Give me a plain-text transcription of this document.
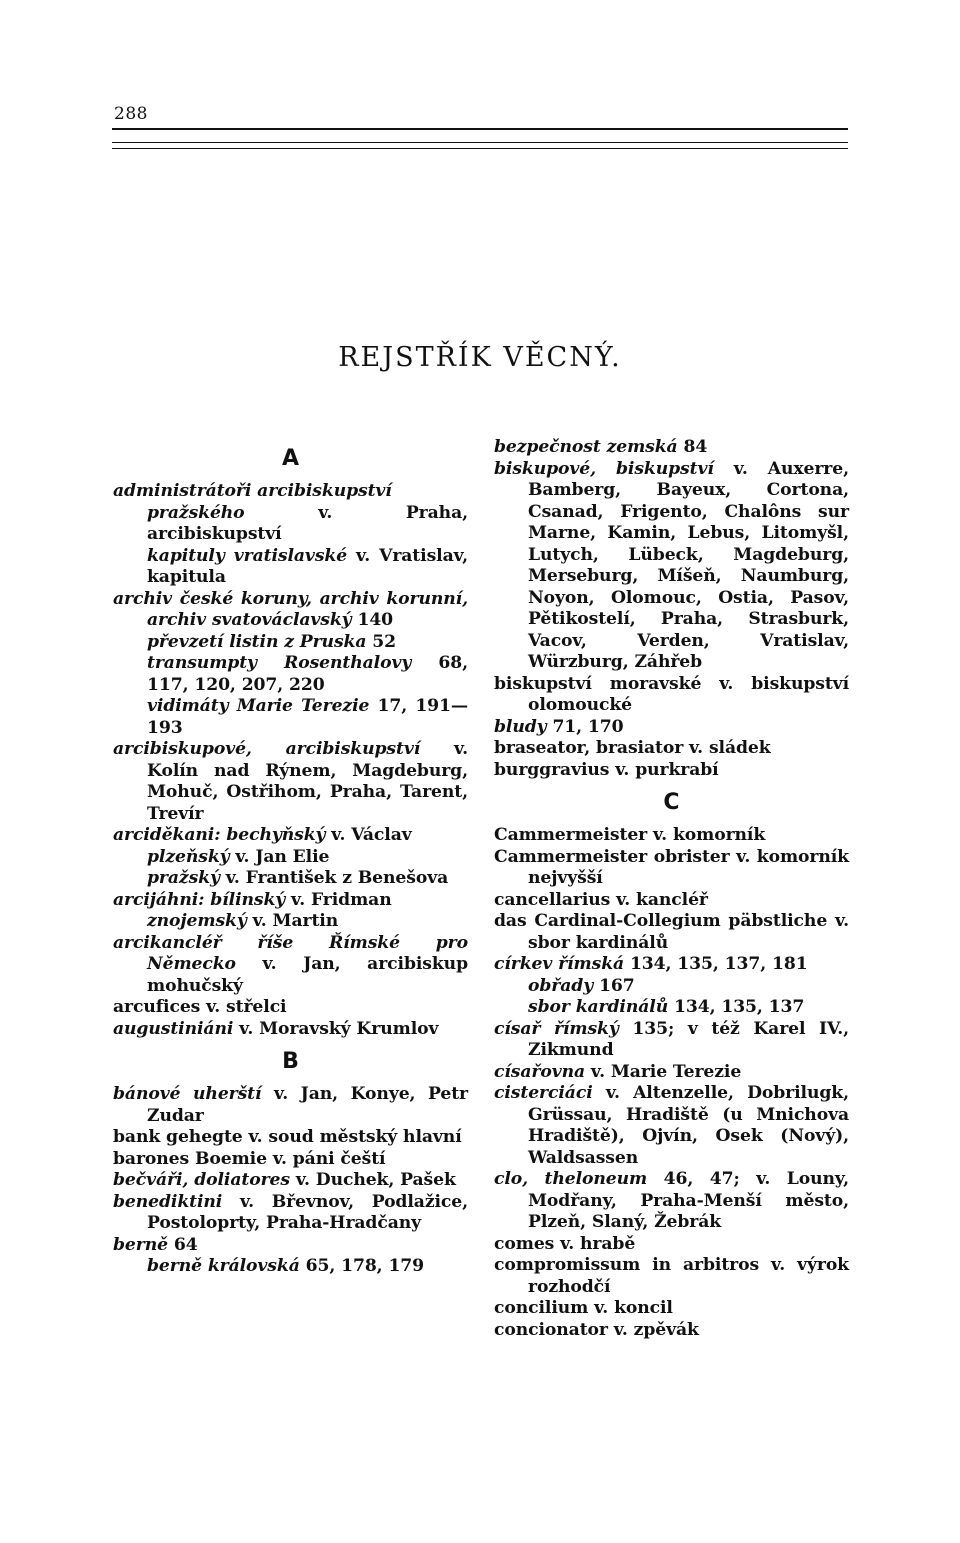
288
REJSTŘÍK VĚCNÝ.
A

administrátoři arcibiskupství

pražského v. Praha, arcibiskupství

kapituly vratislavské v. Vratislav, kapitula

archiv české koruny, archiv korunní, archiv svatováclavský 140

převzetí listin z Pruska 52

transumpty Rosenthalovy 68, 117, 120, 207, 220

vidimáty Marie Terezie 17, 191—193

arcibiskupové, arcibiskupství v. Kolín nad Rýnem, Magdeburg, Mohuč, Ostřihom, Praha, Tarent, Trevír

arciděkani: bechyňský v. Václav

plzeňský v. Jan Elie

pražský v. František z Benešova

arcijáhni: bílinský v. Fridman

znojemský v. Martin

arcikancléř říše Římské pro Německo v. Jan, arcibiskup mohučský

arcufices v. střelci

augustiniáni v. Moravský Krumlov

B

bánové uherští v. Jan, Konye, Petr Zudar

bank gehegte v. soud městský hlavní

barones Boemie v. páni čeští

bečváři, doliatores v. Duchek, Pašek

benediktini v. Břevnov, Podlažice, Postoloprty, Praha-Hradčany

berně 64

berně královská 65, 178, 179

bezpečnost zemská 84

biskupové, biskupství v. Auxerre, Bamberg, Bayeux, Cortona, Csanad, Frigento, Chalôns sur Marne, Kamin, Lebus, Litomyšl, Lutych, Lübeck, Magdeburg, Merseburg, Míšeň, Naumburg, Noyon, Olomouc, Ostia, Pasov, Pětikostelí, Praha, Strasburk, Vacov, Verden, Vratislav, Würzburg, Záhřeb

biskupství moravské v. biskupství olomoucké

bludy 71, 170

braseator, brasiator v. sládek

burggravius v. purkrabí

C

Cammermeister v. komorník

Cammermeister obrister v. komorník nejvyšší

cancellarius v. kancléř

das Cardinal-Collegium päbstliche v. sbor kardinálů

církev římská 134, 135, 137, 181

obřady 167

sbor kardinálů 134, 135, 137

císař římský 135; v též Karel IV., Zikmund

císařovna v. Marie Terezie

cisterciáci v. Altenzelle, Dobrilugk, Grüssau, Hradiště (u Mnichova Hradiště), Ojvín, Osek (Nový), Waldsassen

clo, theloneum 46, 47; v. Louny, Modřany, Praha-Menší město, Plzeň, Slaný, Žebrák

comes v. hrabě

compromissum in arbitros v. výrok rozhodčí

concilium v. koncil

concionator v. zpěvák
